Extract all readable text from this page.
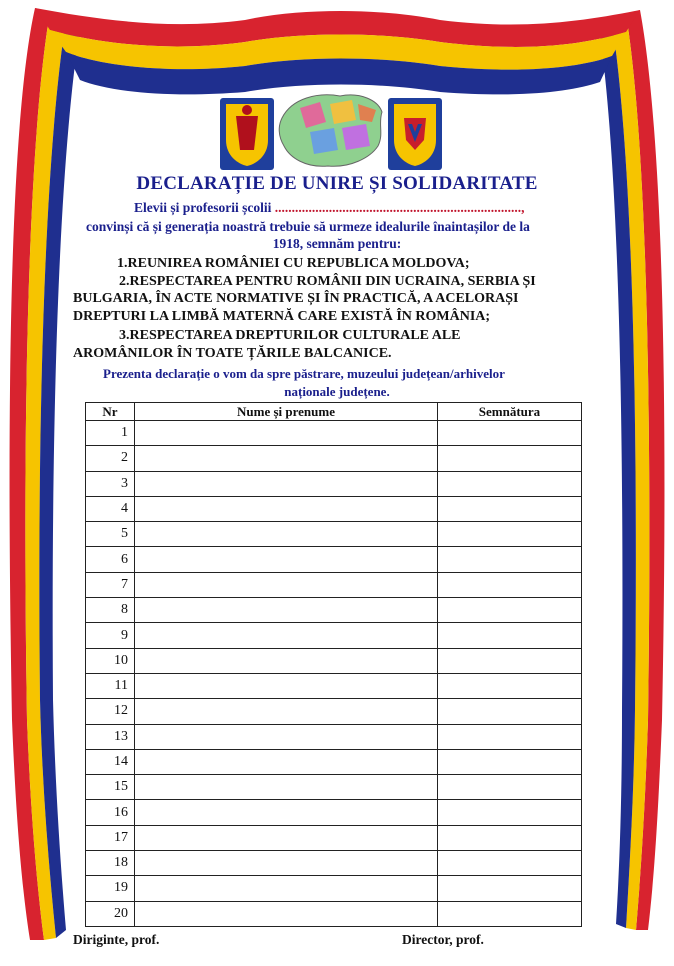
DECLARAȚIE DE UNIRE ȘI SOLIDARITATE
Elevii și profesorii școlii .........................................................................,
convinși că și generația noastră trebuie să urmeze idealurile înaintașilor de la
1918, semnăm pentru:
1.REUNIREA ROMÂNIEI CU REPUBLICA MOLDOVA;
2.RESPECTAREA PENTRU ROMÂNII DIN UCRAINA, SERBIA ȘI
BULGARIA, ÎN ACTE NORMATIVE ȘI ÎN PRACTICĂ, A ACELORAȘI
DREPTURI LA LIMBĂ MATERNĂ CARE EXISTĂ ÎN ROMÂNIA;
3.RESPECTAREA DREPTURILOR CULTURALE ALE
AROMÂNILOR ÎN TOATE ȚĂRILE BALCANICE.
Prezenta declarație o vom da spre păstrare, muzeului județean/arhivelor
naționale județene.
Nr	Nume și prenume	Semnătura
1		
2		
3		
4		
5		
6		
7		
8		
9		
10		
11		
12		
13		
14		
15		
16		
17		
18		
19		
20		
Diriginte, prof.	Director, prof.
